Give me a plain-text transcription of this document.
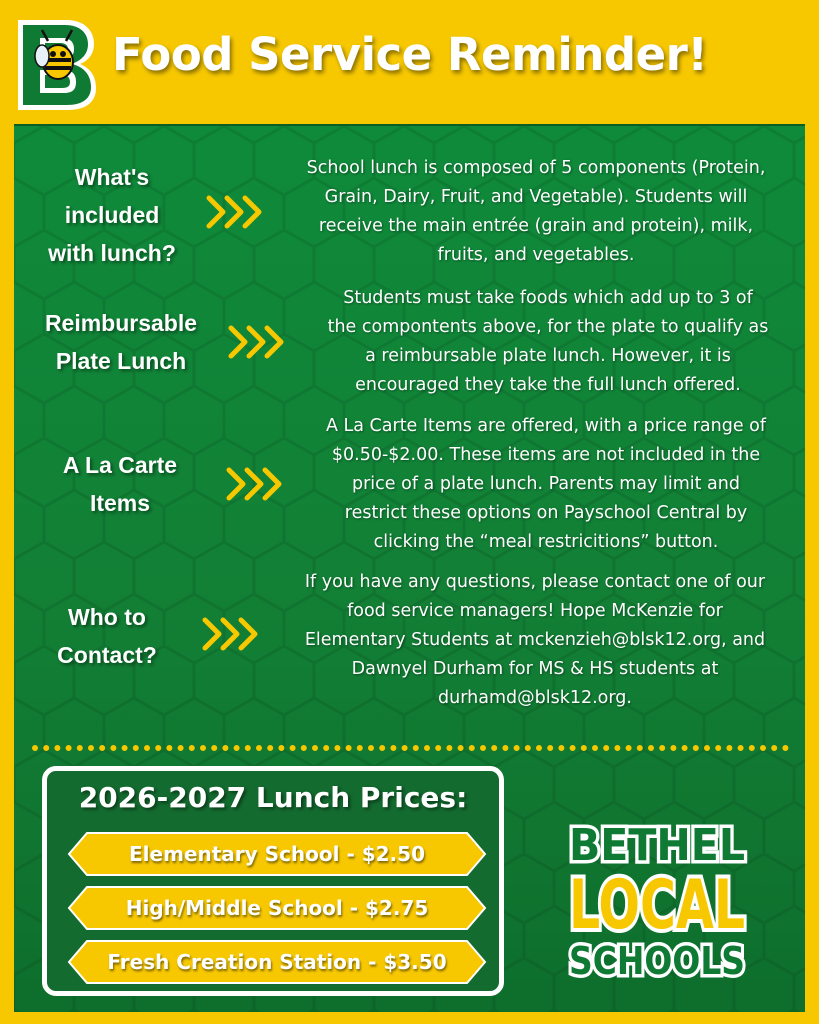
Food Service Reminder!
What's
included
with lunch?
School lunch is composed of 5 components (Protein,
Grain, Dairy, Fruit, and Vegetable). Students will
receive the main entrée (grain and protein), milk,
fruits, and vegetables.
Reimbursable
Plate Lunch
Students must take foods which add up to 3 of
the compontents above, for the plate to qualify as
a reimbursable plate lunch. However, it is
encouraged they take the full lunch offered.
A La Carte
Items
A La Carte Items are offered, with a price range of
$0.50-$2.00. These items are not included in the
price of a plate lunch. Parents may limit and
restrict these options on Payschool Central by
clicking the “meal restricitions” button.
Who to
Contact?
If you have any questions, please contact one of our
food service managers! Hope McKenzie for
Elementary Students at mckenzieh@blsk12.org, and
Dawnyel Durham for MS & HS students at
durhamd@blsk12.org.
2026-2027 Lunch Prices:
Elementary School - $2.50
High/Middle School - $2.75
Fresh Creation Station - $3.50
BETHEL
LOCAL
SCHOOLS
